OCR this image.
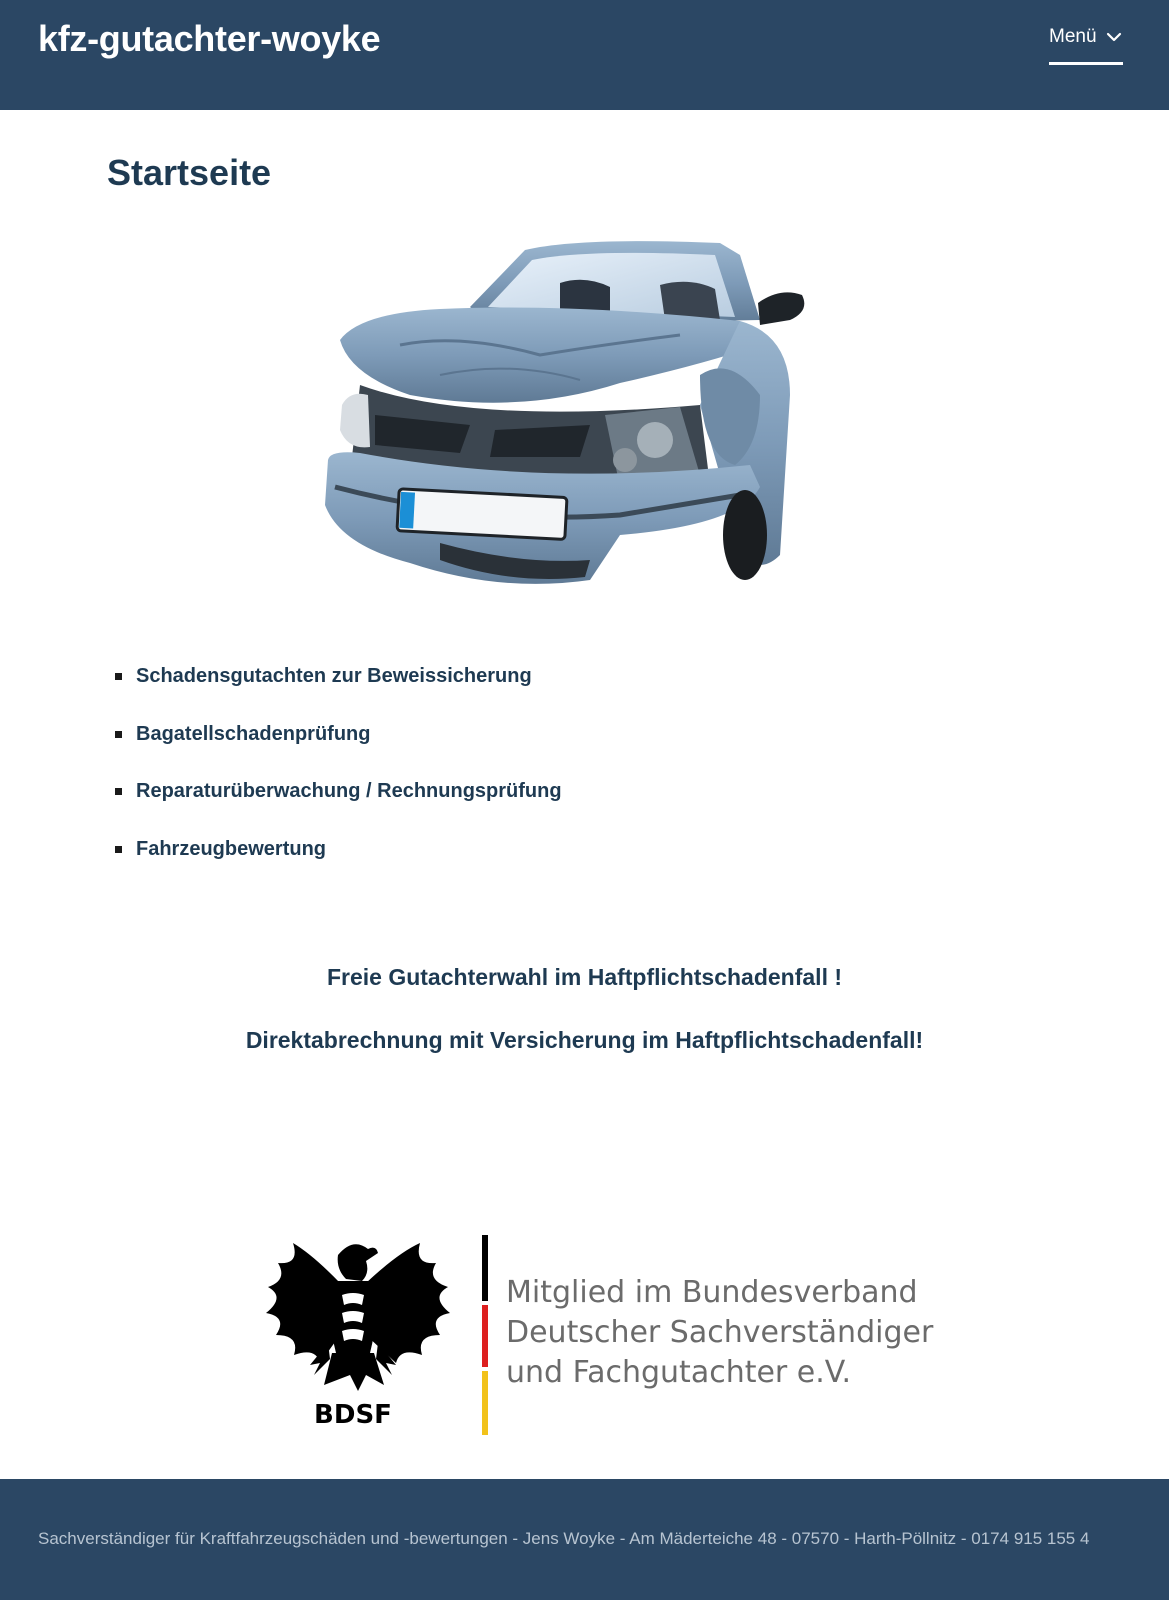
kfz-gutachter-woyke	Menü
Startseite
Schadensgutachten zur Beweissicherung
Bagatellschadenprüfung
Reparaturüberwachung / Rechnungsprüfung
Fahrzeugbewertung

Freie Gutachterwahl im Haftpflichtschadenfall !

Direktabrechnung mit Versicherung im Haftpflichtschadenfall!

BDSF
Mitglied im Bundesverband
Deutscher Sachverständiger
und Fachgutachter e.V.

Sachverständiger für Kraftfahrzeugschäden und -bewertungen - Jens Woyke - Am Mäderteiche 48 - 07570 - Harth-Pöllnitz - 0174 915 155 4
